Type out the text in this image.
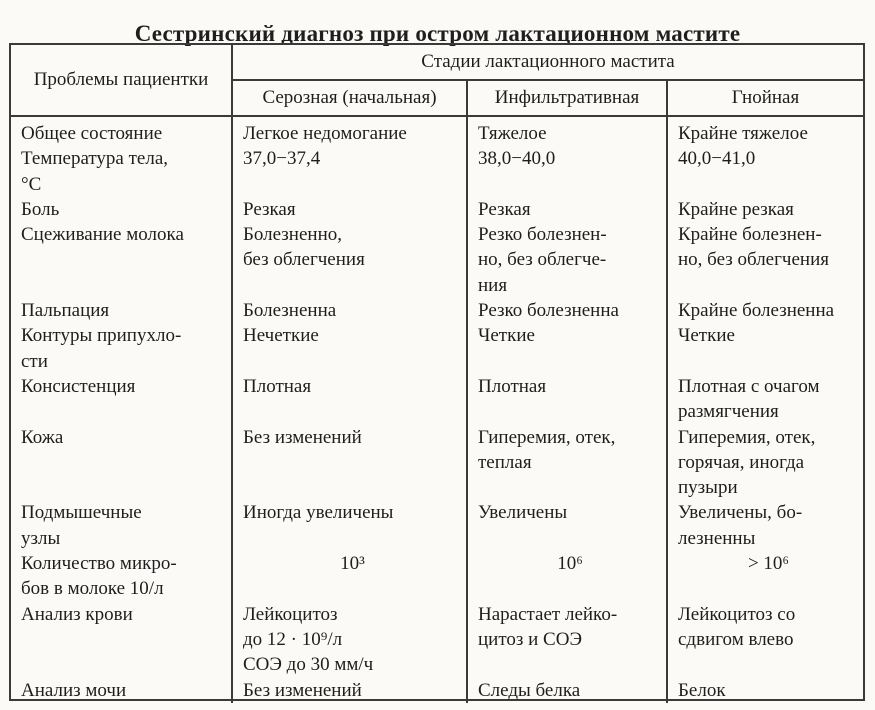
Сестринский диагноз при остром лактационном мастите
Проблемы пациентки
Стадии лактационного мастита
Серозная (начальная)	Инфильтративная	Гнойная
Общее состояние
Температура тела,
°С
Боль
Сцеживание молока

Пальпация
Контуры припухло-
сти
Консистенция

Кожа

Подмышечные
узлы
Количество микро-
бов в молоке 10/л
Анализ крови

Анализ мочи
Легкое недомогание
37,0−37,4

Резкая
Болезненно,
без облегчения

Болезненна
Нечеткие

Плотная

Без изменений

Иногда увеличены

10³

Лейкоцитоз
до 12 · 10⁹/л
СОЭ до 30 мм/ч
Без изменений
Тяжелое
38,0−40,0

Резкая
Резко болезнен-
но, без облегче-
ния
Резко болезненна
Четкие

Плотная

Гиперемия, отек,
теплая

Увеличены

10⁶

Нарастает лейко-
цитоз и СОЭ

Следы белка
Крайне тяжелое
40,0−41,0

Крайне резкая
Крайне болезнен-
но, без облегчения

Крайне болезненна
Четкие

Плотная с очагом
размягчения
Гиперемия, отек,
горячая, иногда
пузыри
Увеличены, бо-
лезненны
> 10⁶

Лейкоцитоз со
сдвигом влево

Белок
